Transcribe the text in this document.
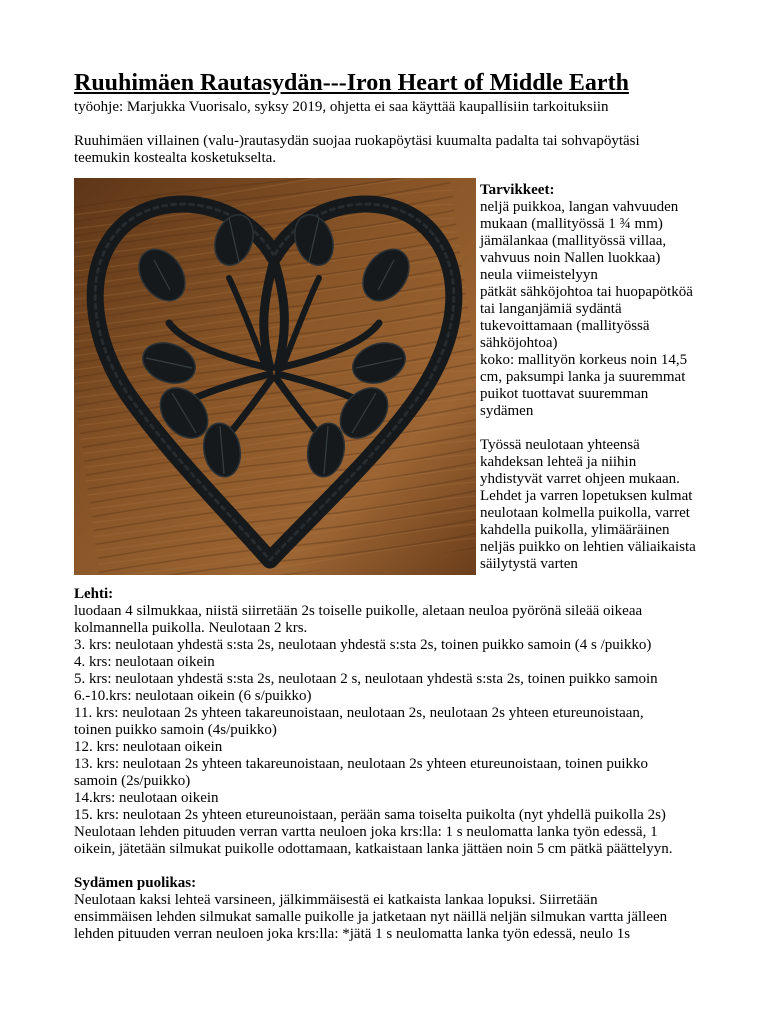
Ruuhimäen Rautasydän---Iron Heart of Middle Earth

työohje: Marjukka Vuorisalo, syksy 2019, ohjetta ei saa käyttää kaupallisiin tarkoituksiin

Ruuhimäen villainen (valu-)rautasydän suojaa ruokapöytäsi kuumalta padalta tai sohvapöytäsi teemukin kostealta kosketukselta.

Tarvikkeet:

neljä puikkoa, langan vahvuuden mukaan (mallityössä 1 ¾ mm)

jämälankaa (mallityössä villaa, vahvuus noin Nallen luokkaa)

neula viimeistelyyn

pätkät sähköjohtoa tai huopapötköä tai langanjämiä sydäntä tukevoittamaan (mallityössä sähköjohtoa)

koko: mallityön korkeus noin 14,5 cm, paksumpi lanka ja suuremmat puikot tuottavat suuremman sydämen

Työssä neulotaan yhteensä kahdeksan lehteä ja niihin yhdistyvät varret ohjeen mukaan. Lehdet ja varren lopetuksen kulmat neulotaan kolmella puikolla, varret kahdella puikolla, ylimääräinen neljäs puikko on lehtien väliaikaista säilytystä varten

Lehti:
luodaan 4 silmukkaa, niistä siirretään 2s toiselle puikolle, aletaan neuloa pyörönä sileää oikeaa
kolmannella puikolla. Neulotaan 2 krs.
3. krs: neulotaan yhdestä s:sta 2s, neulotaan yhdestä s:sta 2s, toinen puikko samoin (4 s /puikko)
4. krs: neulotaan oikein
5. krs: neulotaan yhdestä s:sta 2s, neulotaan 2 s, neulotaan yhdestä s:sta 2s, toinen puikko samoin
6.-10.krs: neulotaan oikein (6 s/puikko)
11. krs: neulotaan 2s yhteen takareunoistaan, neulotaan 2s, neulotaan 2s yhteen etureunoistaan,
toinen puikko samoin (4s/puikko)
12. krs: neulotaan oikein
13. krs: neulotaan 2s yhteen takareunoistaan, neulotaan 2s yhteen etureunoistaan, toinen puikko
samoin (2s/puikko)
14.krs: neulotaan oikein
15. krs: neulotaan 2s yhteen etureunoistaan, perään sama toiselta puikolta (nyt yhdellä puikolla 2s)
Neulotaan lehden pituuden verran vartta neuloen joka krs:lla: 1 s neulomatta lanka työn edessä, 1
oikein, jätetään silmukat puikolle odottamaan, katkaistaan lanka jättäen noin 5 cm pätkä päättelyyn.
Sydämen puolikas:
Neulotaan kaksi lehteä varsineen, jälkimmäisestä ei katkaista lankaa lopuksi. Siirretään
ensimmäisen lehden silmukat samalle puikolle ja jatketaan nyt näillä neljän silmukan vartta jälleen
lehden pituuden verran neuloen joka krs:lla: *jätä 1 s neulomatta lanka työn edessä, neulo 1s
